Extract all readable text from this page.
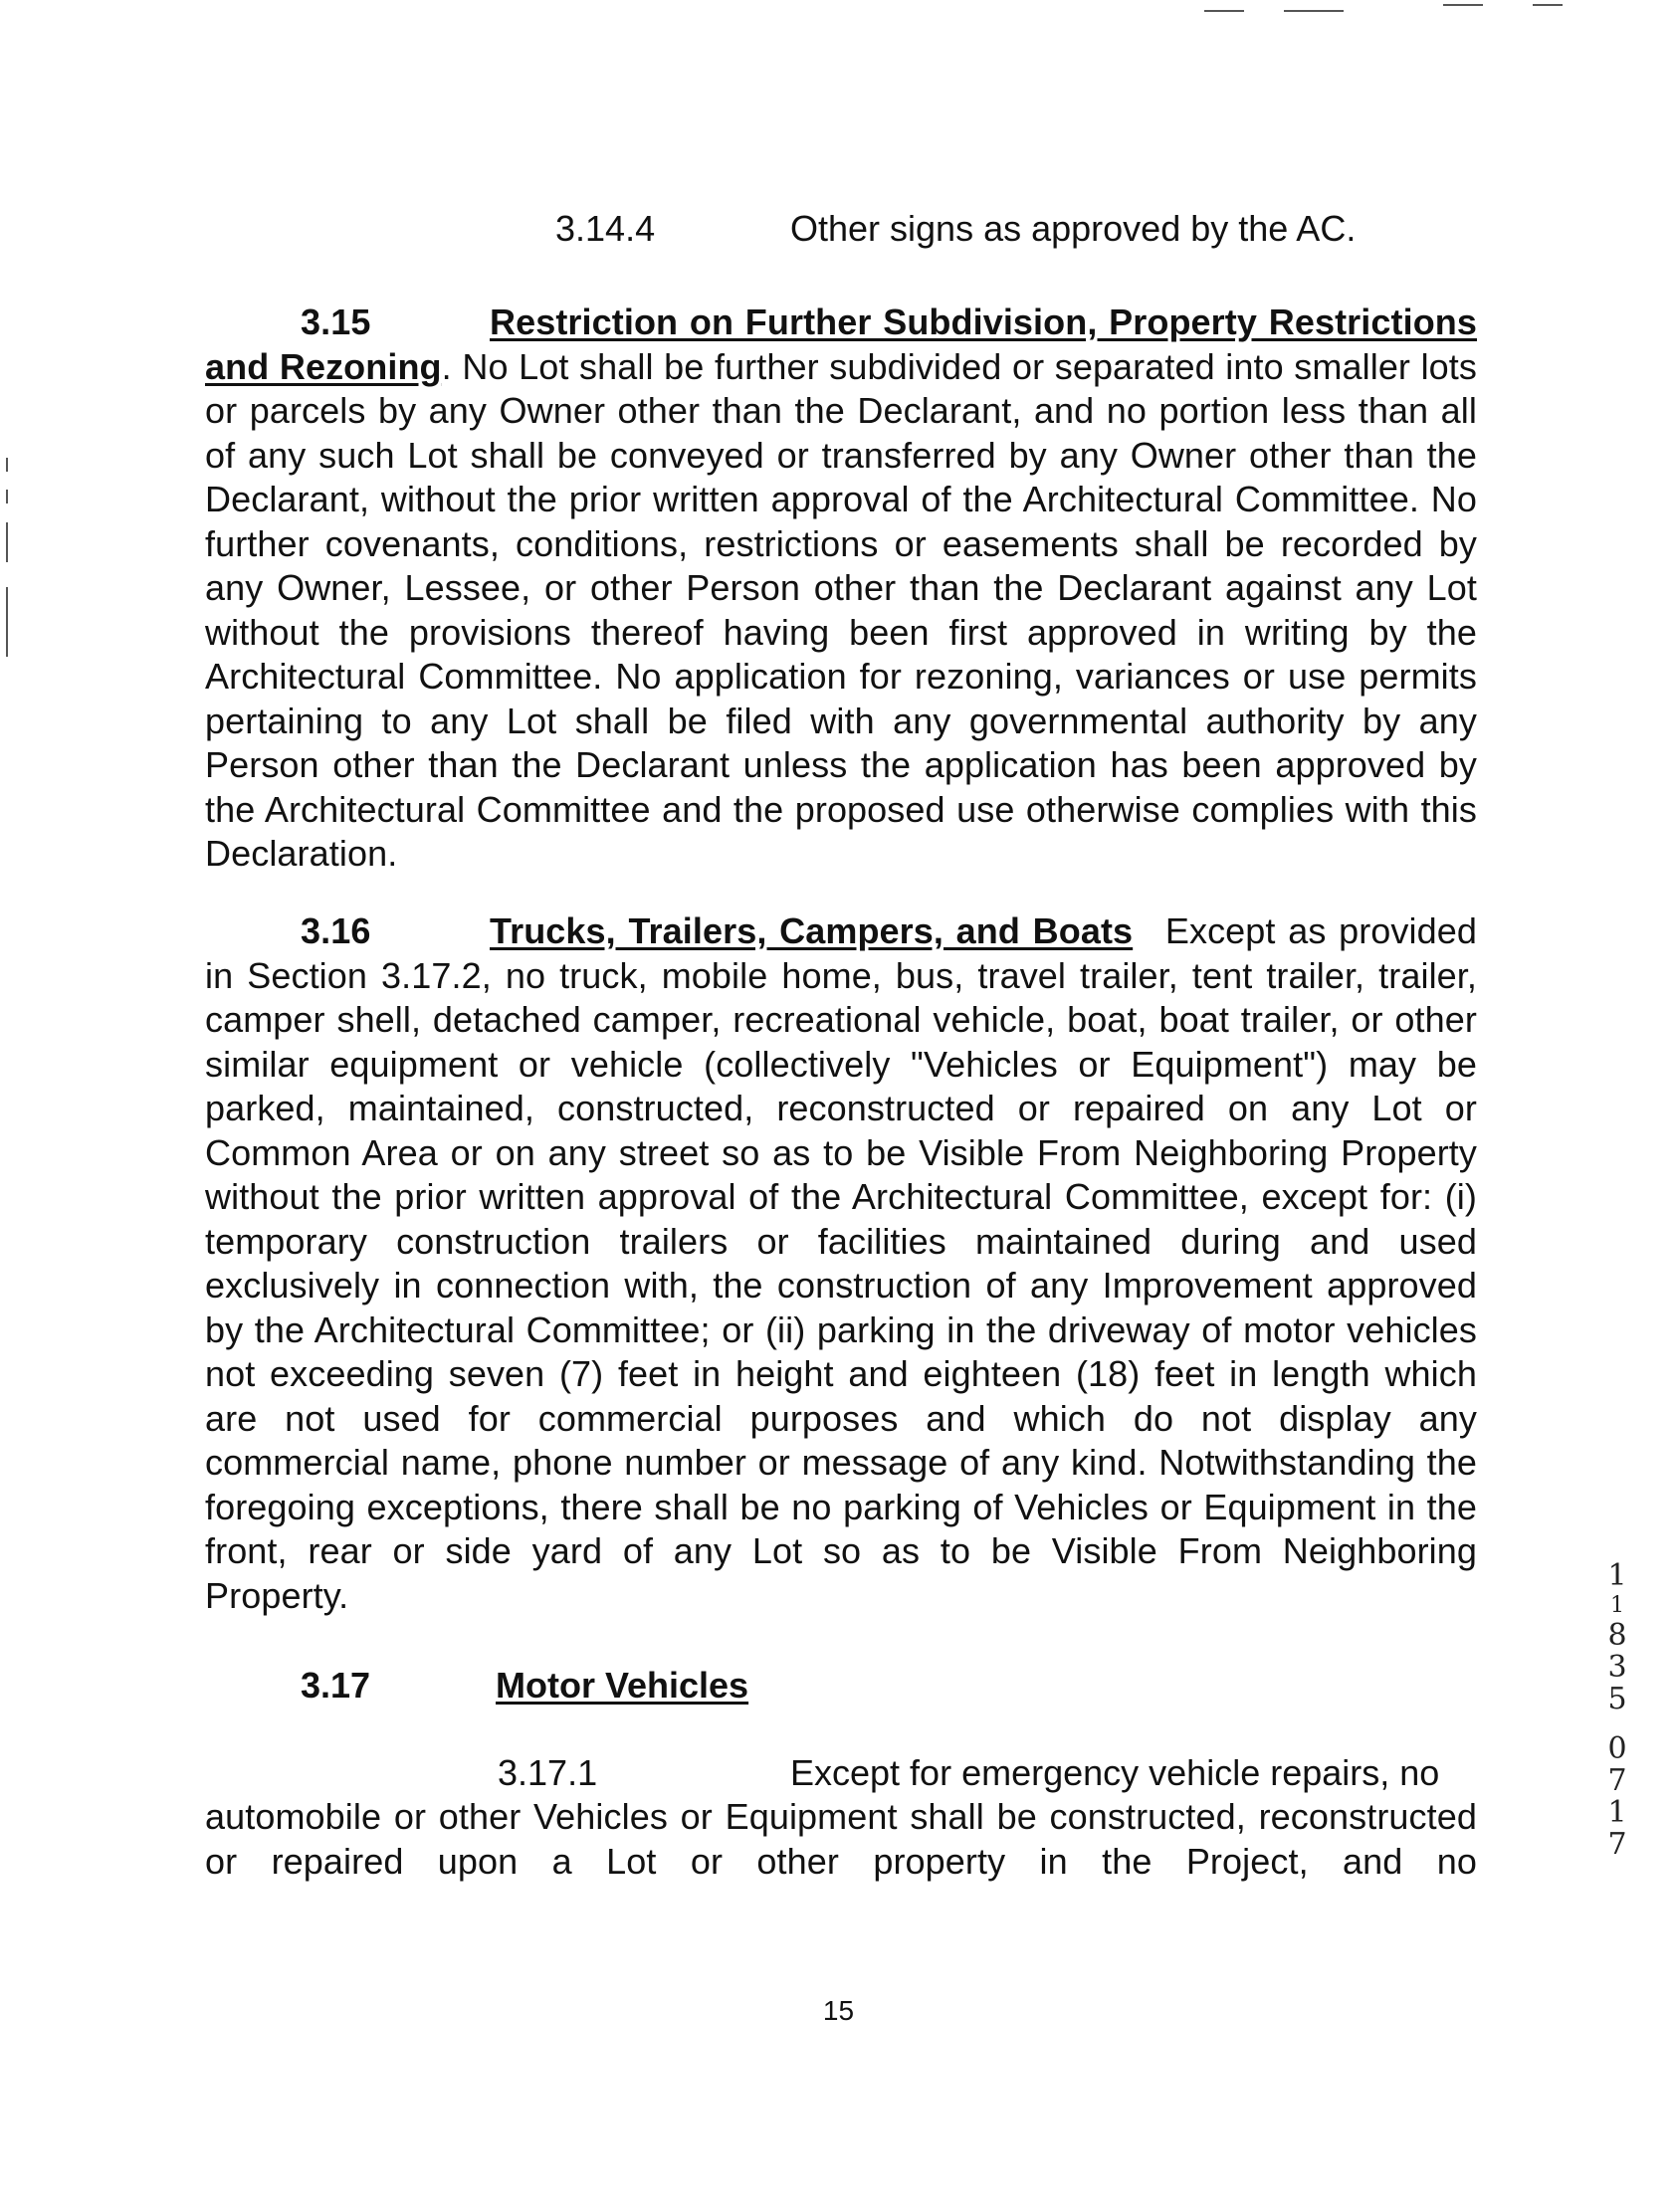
3.14.4	Other signs as approved by the AC.
3.15	Restriction on Further Subdivision, Property Restrictions and Rezoning. No Lot shall be further subdivided or separated into smaller lots or parcels by any Owner other than the Declarant, and no portion less than all of any such Lot shall be conveyed or transferred by any Owner other than the Declarant, without the prior written approval of the Architectural Committee. No further covenants, conditions, restrictions or easements shall be recorded by any Owner, Lessee, or other Person other than the Declarant against any Lot without the provisions thereof having been first approved in writing by the Architectural Committee. No application for rezoning, variances or use permits pertaining to any Lot shall be filed with any governmental authority by any Person other than the Declarant unless the application has been approved by the Architectural Committee and the proposed use otherwise complies with this Declaration.
3.16	Trucks, Trailers, Campers, and Boats Except as provided in Section 3.17.2, no truck, mobile home, bus, travel trailer, tent trailer, trailer, camper shell, detached camper, recreational vehicle, boat, boat trailer, or other similar equipment or vehicle (collectively "Vehicles or Equipment") may be parked, maintained, constructed, reconstructed or repaired on any Lot or Common Area or on any street so as to be Visible From Neighboring Property without the prior written approval of the Architectural Committee, except for: (i) temporary construction trailers or facilities maintained during and used exclusively in connection with, the construction of any Improvement approved by the Architectural Committee; or (ii) parking in the driveway of motor vehicles not exceeding seven (7) feet in height and eighteen (18) feet in length which are not used for commercial purposes and which do not display any commercial name, phone number or message of any kind. Notwithstanding the foregoing exceptions, there shall be no parking of Vehicles or Equipment in the front, rear or side yard of any Lot so as to be Visible From Neighboring Property.
3.17	Motor Vehicles
3.17.1	Except for emergency vehicle repairs, no
automobile or other Vehicles or Equipment shall be constructed, reconstructed or repaired upon a Lot or other property in the Project, and no
15
1
1
8
3
5
0
7
1
7
